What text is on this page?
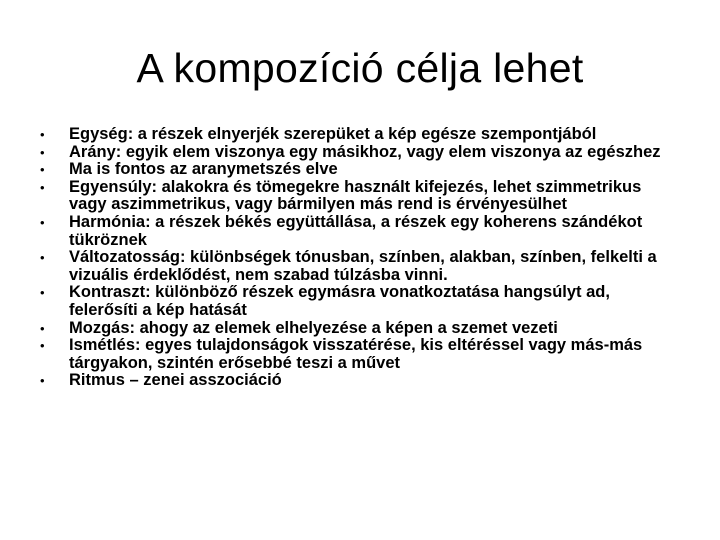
A kompozíció célja lehet
•	Egység: a részek elnyerjék szerepüket a kép egésze szempontjából
•	Arány: egyik elem viszonya egy másikhoz, vagy elem viszonya az egészhez
•	Ma is fontos az aranymetszés elve
•	Egyensúly: alakokra és tömegekre használt kifejezés, lehet szimmetrikus vagy aszimmetrikus, vagy bármilyen más rend is érvényesülhet
•	Harmónia: a részek békés együttállása, a részek egy koherens szándékot tükröznek
•	Változatosság: különbségek tónusban, színben, alakban, színben, felkelti a vizuális érdeklődést, nem szabad túlzásba vinni.
•	Kontraszt: különböző részek egymásra vonatkoztatása hangsúlyt ad, felerősíti a kép hatását
•	Mozgás: ahogy az elemek elhelyezése a képen a szemet vezeti
•	Ismétlés: egyes tulajdonságok visszatérése, kis eltéréssel vagy más-más tárgyakon, szintén erősebbé teszi a művet
•	Ritmus – zenei asszociáció
